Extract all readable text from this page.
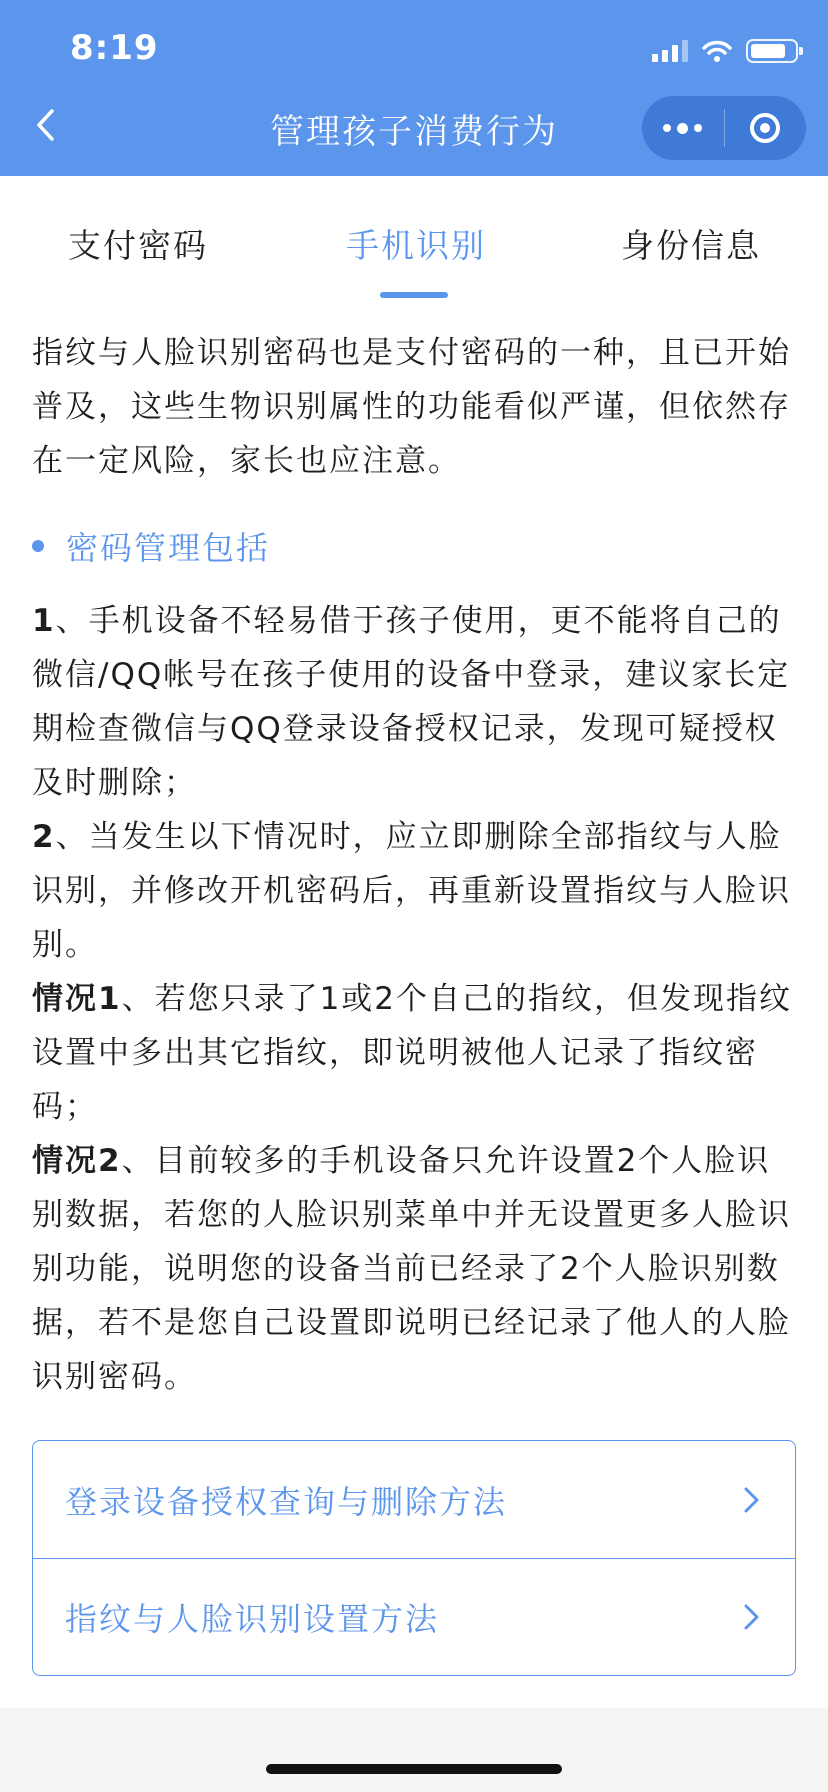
8:19
管理孩子消费行为
支付密码	手机识别	身份信息

指纹与人脸识别密码也是支付密码的一种，且已开始普及，这些生物识别属性的功能看似严谨，但依然存在一定风险，家长也应注意。

密码管理包括
1、手机设备不轻易借于孩子使用，更不能将自己的微信/QQ帐号在孩子使用的设备中登录，建议家长定期检查微信与QQ登录设备授权记录，发现可疑授权及时删除；
2、当发生以下情况时，应立即删除全部指纹与人脸识别，并修改开机密码后，再重新设置指纹与人脸识别。
情况1、若您只录了1或2个自己的指纹，但发现指纹设置中多出其它指纹，即说明被他人记录了指纹密码；
情况2、目前较多的手机设备只允许设置2个人脸识别数据，若您的人脸识别菜单中并无设置更多人脸识别功能，说明您的设备当前已经录了2个人脸识别数据，若不是您自己设置即说明已经记录了他人的人脸识别密码。
登录设备授权查询与删除方法
指纹与人脸识别设置方法
